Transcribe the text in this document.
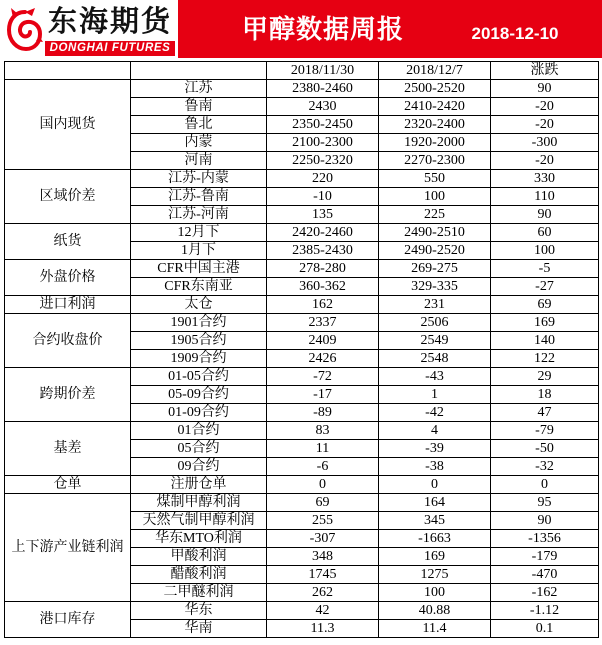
东海期货
DONGHAI FUTURES
甲醇数据周报	2018-12-10
		2018/11/30	2018/12/7	涨跌
国内现货	江苏	2380-2460	2500-2520	90
	鲁南	2430	2410-2420	-20
	鲁北	2350-2450	2320-2400	-20
	内蒙	2100-2300	1920-2000	-300
	河南	2250-2320	2270-2300	-20
区域价差	江苏-内蒙	220	550	330
	江苏-鲁南	-10	100	110
	江苏-河南	135	225	90
纸货	12月下	2420-2460	2490-2510	60
	1月下	2385-2430	2490-2520	100
外盘价格	CFR中国主港	278-280	269-275	-5
	CFR东南亚	360-362	329-335	-27
进口利润	太仓	162	231	69
合约收盘价	1901合约	2337	2506	169
	1905合约	2409	2549	140
	1909合约	2426	2548	122
跨期价差	01-05合约	-72	-43	29
	05-09合约	-17	1	18
	01-09合约	-89	-42	47
基差	01合约	83	4	-79
	05合约	11	-39	-50
	09合约	-6	-38	-32
仓单	注册仓单	0	0	0
上下游产业链利润	煤制甲醇利润	69	164	95
	天然气制甲醇利润	255	345	90
	华东MTO利润	-307	-1663	-1356
	甲酸利润	348	169	-179
	醋酸利润	1745	1275	-470
	二甲醚利润	262	100	-162
港口库存	华东	42	40.88	-1.12
	华南	11.3	11.4	0.1
